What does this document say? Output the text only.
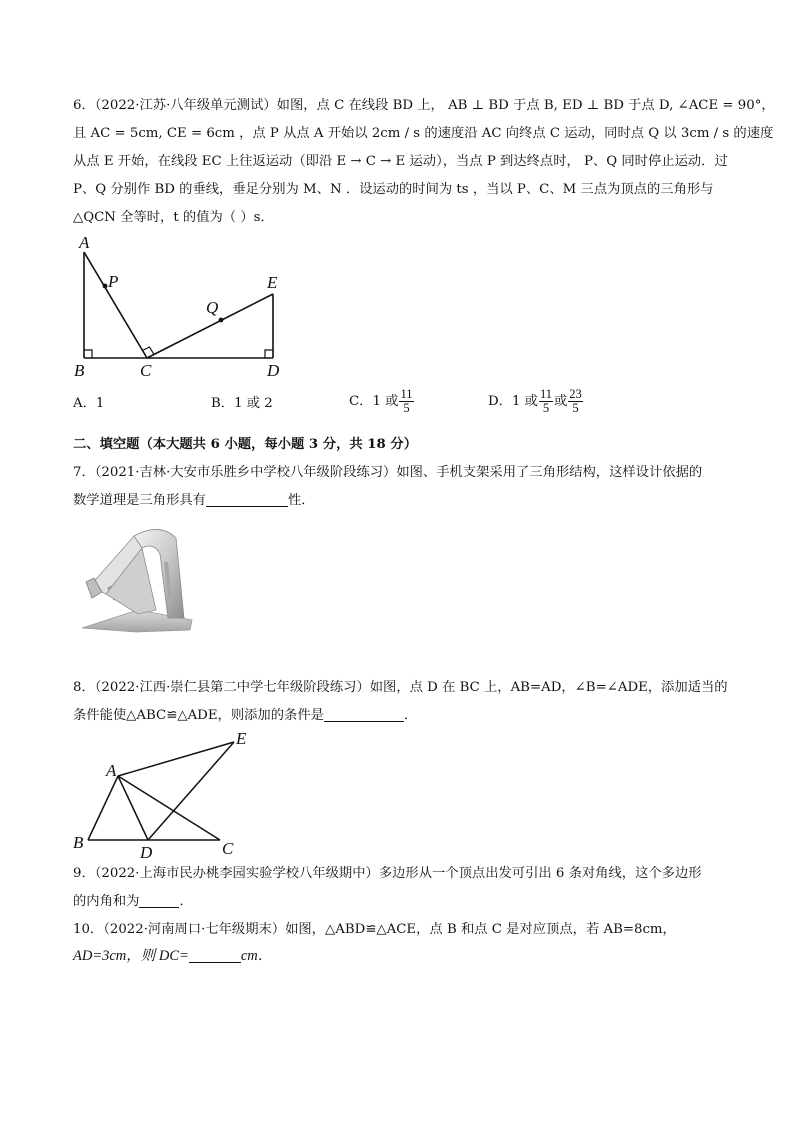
6．（2022·江苏·八年级单元测试）如图，点 C 在线段 BD 上， AB ⊥ BD 于点 B, ED ⊥ BD 于点 D, ∠ACE = 90°，
且 AC = 5cm, CE = 6cm ，点 P 从点 A 开始以 2cm / s 的速度沿 AC 向终点 C 运动，同时点 Q 以 3cm / s 的速度
从点 E 开始，在线段 EC 上往返运动（即沿 E → C → E 运动），当点 P 到达终点时， P、Q 同时停止运动．过
P、Q 分别作 BD 的垂线，垂足分别为 M、N ．设运动的时间为 ts ，当以 P、C、M 三点为顶点的三角形与
△QCN 全等时，t 的值为（ ）s．
A
P
Q
E
B	C	D
A．1	B．1 或 2	C．1 或 $\frac{11}{5}$	D．1 或 $\frac{11}{5}$ 或 $\frac{23}{5}$
二、填空题（本大题共 6 小题，每小题 3 分，共 18 分）
7．（2021·吉林·大安市乐胜乡中学校八年级阶段练习）如图、手机支架采用了三角形结构，这样设计依据的
数学道理是三角形具有	性．
8．（2022·江西·崇仁县第二中学七年级阶段练习）如图，点 D 在 BC 上，AB=AD，∠B=∠ADE，添加适当的
条件能使△ABC≌△ADE，则添加的条件是	．
A
E
B
D	C
9．（2022·上海市民办桃李园实验学校八年级期中）多边形从一个顶点出发可引出 6 条对角线，这个多边形
的内角和为	．
10．（2022·河南周口·七年级期末）如图，△ABD≌△ACE，点 B 和点 C 是对应顶点，若 AB=8cm，
AD=3cm，则 DC=	cm．
